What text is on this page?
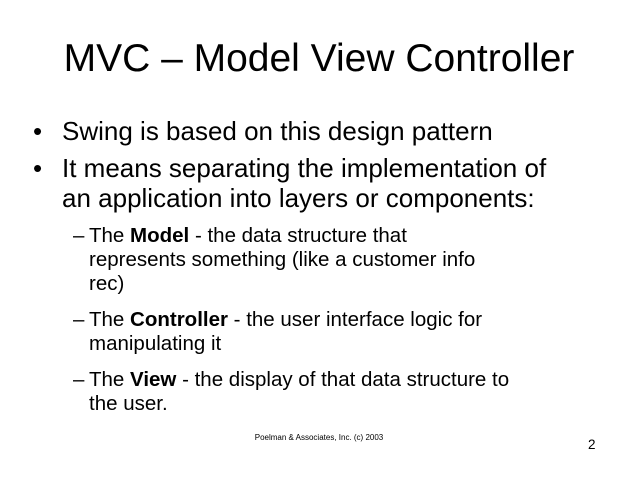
MVC – Model View Controller
• Swing is based on this design pattern
• It means separating the implementation of
an application into layers or components:
– The Model - the data structure that
represents something (like a customer info
rec)
– The Controller - the user interface logic for
manipulating it
– The View - the display of that data structure to
the user.
Poelman & Associates, Inc. (c) 2003	2
